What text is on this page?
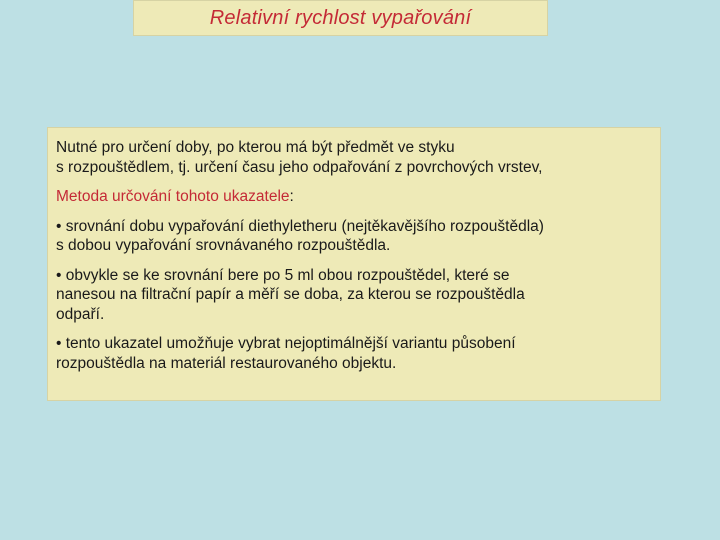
Relativní rychlost vypařování

Nutné pro určení doby, po kterou má být předmět ve styku
s rozpouštědlem, tj. určení času jeho odpařování z povrchových vrstev,

Metoda určování tohoto ukazatele:

• srovnání dobu vypařování diethyletheru (nejtěkavějšího rozpouštědla)
s dobou vypařování srovnávaného rozpouštědla.

• obvykle se ke srovnání bere po 5 ml obou rozpouštědel, které se
nanesou na filtrační papír a měří se doba, za kterou se rozpouštědla
odpaří.

• tento ukazatel umožňuje vybrat nejoptimálnější variantu působení
rozpouštědla na materiál restaurovaného objektu.
